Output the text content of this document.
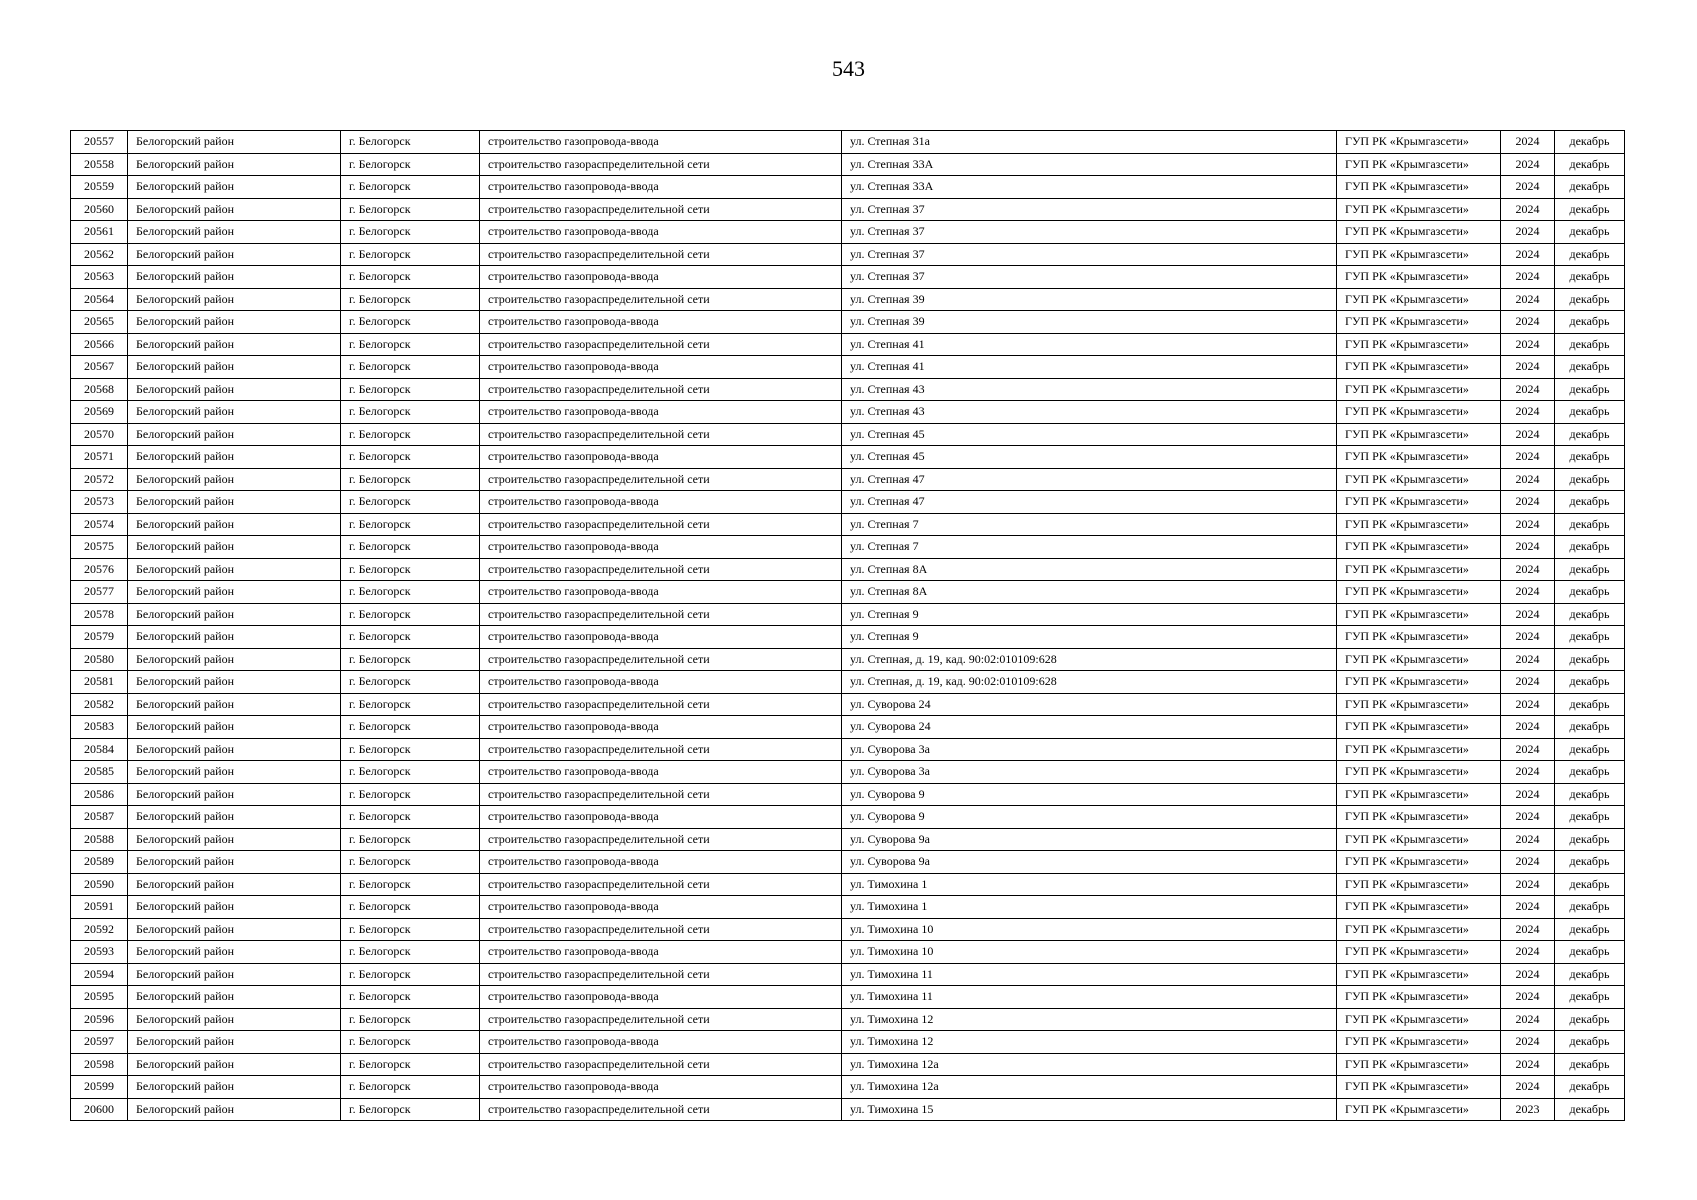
543
20557	Белогорский район	г. Белогорск	строительство газопровода-ввода	ул. Степная 31а	ГУП РК «Крымгазсети»	2024	декабрь
20558	Белогорский район	г. Белогорск	строительство газораспределительной сети	ул. Степная 33А	ГУП РК «Крымгазсети»	2024	декабрь
20559	Белогорский район	г. Белогорск	строительство газопровода-ввода	ул. Степная 33А	ГУП РК «Крымгазсети»	2024	декабрь
20560	Белогорский район	г. Белогорск	строительство газораспределительной сети	ул. Степная 37	ГУП РК «Крымгазсети»	2024	декабрь
20561	Белогорский район	г. Белогорск	строительство газопровода-ввода	ул. Степная 37	ГУП РК «Крымгазсети»	2024	декабрь
20562	Белогорский район	г. Белогорск	строительство газораспределительной сети	ул. Степная 37	ГУП РК «Крымгазсети»	2024	декабрь
20563	Белогорский район	г. Белогорск	строительство газопровода-ввода	ул. Степная 37	ГУП РК «Крымгазсети»	2024	декабрь
20564	Белогорский район	г. Белогорск	строительство газораспределительной сети	ул. Степная 39	ГУП РК «Крымгазсети»	2024	декабрь
20565	Белогорский район	г. Белогорск	строительство газопровода-ввода	ул. Степная 39	ГУП РК «Крымгазсети»	2024	декабрь
20566	Белогорский район	г. Белогорск	строительство газораспределительной сети	ул. Степная 41	ГУП РК «Крымгазсети»	2024	декабрь
20567	Белогорский район	г. Белогорск	строительство газопровода-ввода	ул. Степная 41	ГУП РК «Крымгазсети»	2024	декабрь
20568	Белогорский район	г. Белогорск	строительство газораспределительной сети	ул. Степная 43	ГУП РК «Крымгазсети»	2024	декабрь
20569	Белогорский район	г. Белогорск	строительство газопровода-ввода	ул. Степная 43	ГУП РК «Крымгазсети»	2024	декабрь
20570	Белогорский район	г. Белогорск	строительство газораспределительной сети	ул. Степная 45	ГУП РК «Крымгазсети»	2024	декабрь
20571	Белогорский район	г. Белогорск	строительство газопровода-ввода	ул. Степная 45	ГУП РК «Крымгазсети»	2024	декабрь
20572	Белогорский район	г. Белогорск	строительство газораспределительной сети	ул. Степная 47	ГУП РК «Крымгазсети»	2024	декабрь
20573	Белогорский район	г. Белогорск	строительство газопровода-ввода	ул. Степная 47	ГУП РК «Крымгазсети»	2024	декабрь
20574	Белогорский район	г. Белогорск	строительство газораспределительной сети	ул. Степная 7	ГУП РК «Крымгазсети»	2024	декабрь
20575	Белогорский район	г. Белогорск	строительство газопровода-ввода	ул. Степная 7	ГУП РК «Крымгазсети»	2024	декабрь
20576	Белогорский район	г. Белогорск	строительство газораспределительной сети	ул. Степная 8А	ГУП РК «Крымгазсети»	2024	декабрь
20577	Белогорский район	г. Белогорск	строительство газопровода-ввода	ул. Степная 8А	ГУП РК «Крымгазсети»	2024	декабрь
20578	Белогорский район	г. Белогорск	строительство газораспределительной сети	ул. Степная 9	ГУП РК «Крымгазсети»	2024	декабрь
20579	Белогорский район	г. Белогорск	строительство газопровода-ввода	ул. Степная 9	ГУП РК «Крымгазсети»	2024	декабрь
20580	Белогорский район	г. Белогорск	строительство газораспределительной сети	ул. Степная, д. 19, кад. 90:02:010109:628	ГУП РК «Крымгазсети»	2024	декабрь
20581	Белогорский район	г. Белогорск	строительство газопровода-ввода	ул. Степная, д. 19, кад. 90:02:010109:628	ГУП РК «Крымгазсети»	2024	декабрь
20582	Белогорский район	г. Белогорск	строительство газораспределительной сети	ул. Суворова 24	ГУП РК «Крымгазсети»	2024	декабрь
20583	Белогорский район	г. Белогорск	строительство газопровода-ввода	ул. Суворова 24	ГУП РК «Крымгазсети»	2024	декабрь
20584	Белогорский район	г. Белогорск	строительство газораспределительной сети	ул. Суворова 3а	ГУП РК «Крымгазсети»	2024	декабрь
20585	Белогорский район	г. Белогорск	строительство газопровода-ввода	ул. Суворова 3а	ГУП РК «Крымгазсети»	2024	декабрь
20586	Белогорский район	г. Белогорск	строительство газораспределительной сети	ул. Суворова 9	ГУП РК «Крымгазсети»	2024	декабрь
20587	Белогорский район	г. Белогорск	строительство газопровода-ввода	ул. Суворова 9	ГУП РК «Крымгазсети»	2024	декабрь
20588	Белогорский район	г. Белогорск	строительство газораспределительной сети	ул. Суворова 9а	ГУП РК «Крымгазсети»	2024	декабрь
20589	Белогорский район	г. Белогорск	строительство газопровода-ввода	ул. Суворова 9а	ГУП РК «Крымгазсети»	2024	декабрь
20590	Белогорский район	г. Белогорск	строительство газораспределительной сети	ул. Тимохина 1	ГУП РК «Крымгазсети»	2024	декабрь
20591	Белогорский район	г. Белогорск	строительство газопровода-ввода	ул. Тимохина 1	ГУП РК «Крымгазсети»	2024	декабрь
20592	Белогорский район	г. Белогорск	строительство газораспределительной сети	ул. Тимохина 10	ГУП РК «Крымгазсети»	2024	декабрь
20593	Белогорский район	г. Белогорск	строительство газопровода-ввода	ул. Тимохина 10	ГУП РК «Крымгазсети»	2024	декабрь
20594	Белогорский район	г. Белогорск	строительство газораспределительной сети	ул. Тимохина 11	ГУП РК «Крымгазсети»	2024	декабрь
20595	Белогорский район	г. Белогорск	строительство газопровода-ввода	ул. Тимохина 11	ГУП РК «Крымгазсети»	2024	декабрь
20596	Белогорский район	г. Белогорск	строительство газораспределительной сети	ул. Тимохина 12	ГУП РК «Крымгазсети»	2024	декабрь
20597	Белогорский район	г. Белогорск	строительство газопровода-ввода	ул. Тимохина 12	ГУП РК «Крымгазсети»	2024	декабрь
20598	Белогорский район	г. Белогорск	строительство газораспределительной сети	ул. Тимохина 12а	ГУП РК «Крымгазсети»	2024	декабрь
20599	Белогорский район	г. Белогорск	строительство газопровода-ввода	ул. Тимохина 12а	ГУП РК «Крымгазсети»	2024	декабрь
20600	Белогорский район	г. Белогорск	строительство газораспределительной сети	ул. Тимохина 15	ГУП РК «Крымгазсети»	2023	декабрь
